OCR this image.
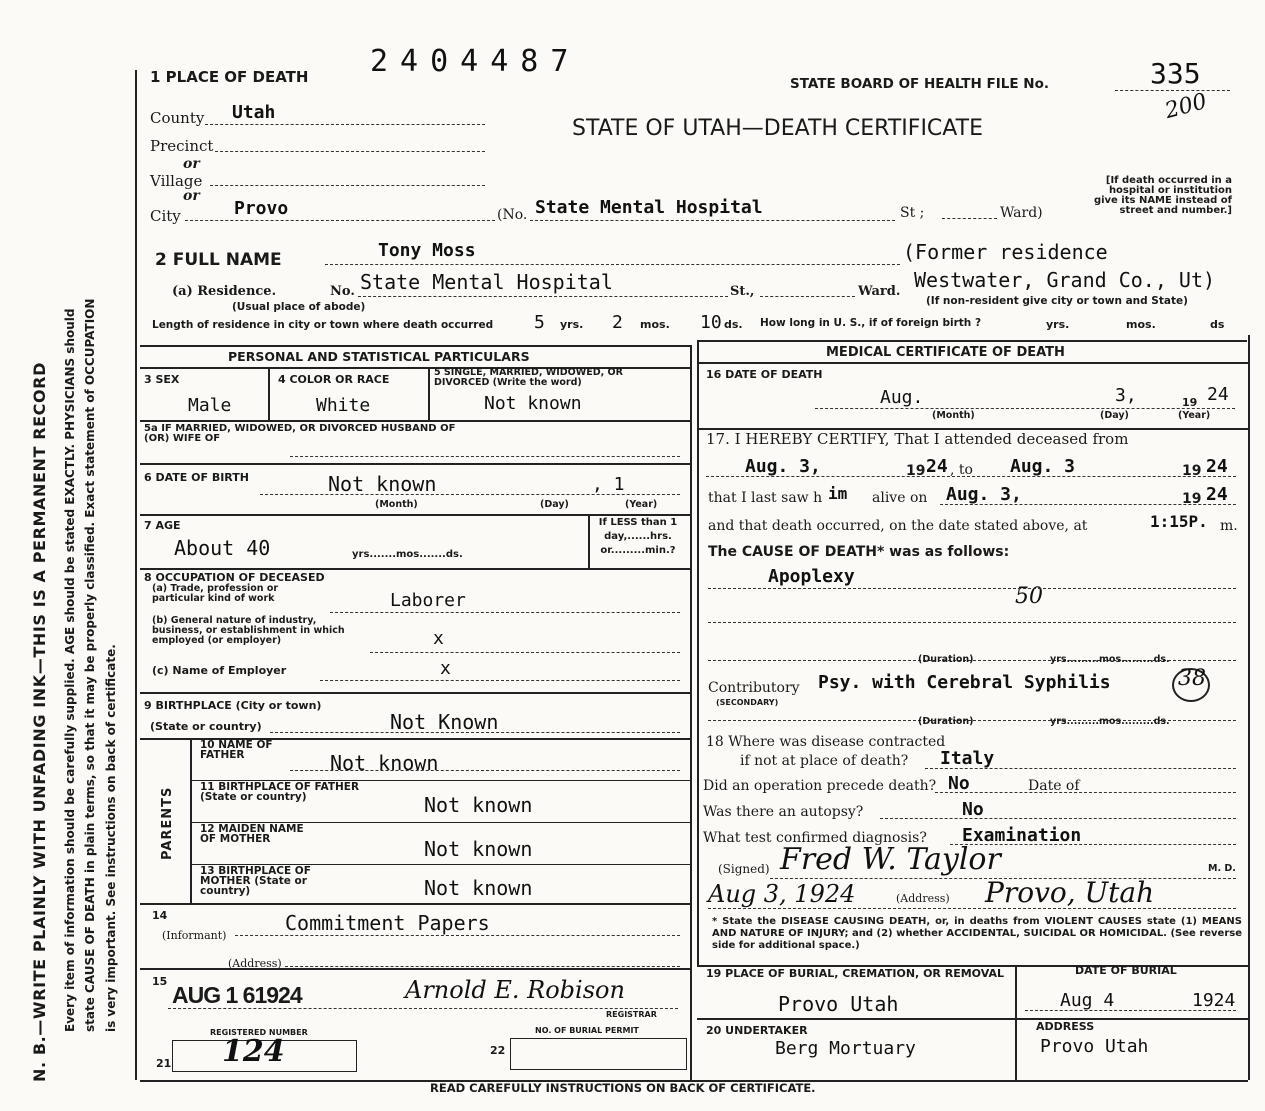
N. B.—WRITE PLAINLY WITH UNFADING INK—THIS IS A PERMANENT RECORD Every item of information should be carefully supplied. AGE should be stated EXACTLY. PHYSICIANS should state CAUSE OF DEATH in plain terms, so that it may be properly classified. Exact statement of OCCUPATION is very important. See instructions on back of certificate.
1 PLACE OF DEATH 2404487
STATE BOARD OF HEALTH FILE No.	335
200
STATE OF UTAH—DEATH CERTIFICATE
[If death occurred in a hospital or institution give its NAME instead of street and number.]
County Utah
Precinct
or
Village
or
City	Provo	(No. State Mental Hospital	St ;	Ward)
2 FULL NAME	Tony Moss	(Former residence
(a) Residence.	No. State Mental Hospital	St.,	Ward. Westwater, Grand Co., Ut)
(Usual place of abode)	(If non-resident give city or town and State)
Length of residence in city or town where death occurred 5 yrs. 2 mos. 10 ds. How long in U. S., if of foreign birth ?	yrs.	mos.	ds
PERSONAL AND STATISTICAL PARTICULARS
3 SEX
Male
4 COLOR OR RACE
White
5 SINGLE, MARRIED, WIDOWED, OR DIVORCED (Write the word)
Not known
5a IF MARRIED, WIDOWED, OR DIVORCED HUSBAND OF (OR) WIFE OF
6 DATE OF BIRTH	Not known	, 1
(Month)	(Day)	(Year)
7 AGE
About 40	yrs.......mos.......ds.
If LESS than 1 day,......hrs. or.........min.?
8 OCCUPATION OF DECEASED
(a) Trade, profession or particular kind of work	Laborer
(b) General nature of industry, business, or establishment in which employed (or employer)	x
(c) Name of Employer	x
9 BIRTHPLACE (City or town)
(State or country)	Not Known
PARENTS
10 NAME OF FATHER	Not known
11 BIRTHPLACE OF FATHER (State or country)	Not known
12 MAIDEN NAME OF MOTHER	Not known
13 BIRTHPLACE OF MOTHER (State or country)	Not known
14	Commitment Papers
(Informant)
(Address)
15
AUG 1 61924	Arnold E. Robison
REGISTRAR
REGISTERED NUMBER	NO. OF BURIAL PERMIT
21 124	22
MEDICAL CERTIFICATE OF DEATH
16 DATE OF DEATH
Aug.	3,	19 24
(Month)	(Day)	(Year)
17. I HEREBY CERTIFY, That I attended deceased from
Aug. 3,	19 24 , to Aug. 3	19 24
that I last saw h im alive on Aug. 3,	19 24
and that death occurred, on the date stated above, at	1:15P. m.
The CAUSE OF DEATH* was as follows:
Apoplexy
50
(Duration)	yrs.........mos.........ds.
Contributory Psy. with Cerebral Syphilis	38
(SECONDARY)
(Duration)	yrs.........mos.........ds.
18 Where was disease contracted
if not at place of death? Italy
Did an operation precede death? No	Date of
Was there an autopsy?	No
What test confirmed diagnosis? Examination
(Signed) Fred W. Taylor	M. D.
Aug 3, 1924	(Address) Provo, Utah
* State the DISEASE CAUSING DEATH, or, in deaths from VIOLENT CAUSES state (1) MEANS AND NATURE OF INJURY; and (2) whether ACCIDENTAL, SUICIDAL OR HOMICIDAL. (See reverse side for additional space.)
19 PLACE OF BURIAL, CREMATION, OR REMOVAL
Provo Utah
DATE OF BURIAL
Aug 4	1924
20 UNDERTAKER
Berg Mortuary
ADDRESS
Provo Utah
READ CAREFULLY INSTRUCTIONS ON BACK OF CERTIFICATE.
